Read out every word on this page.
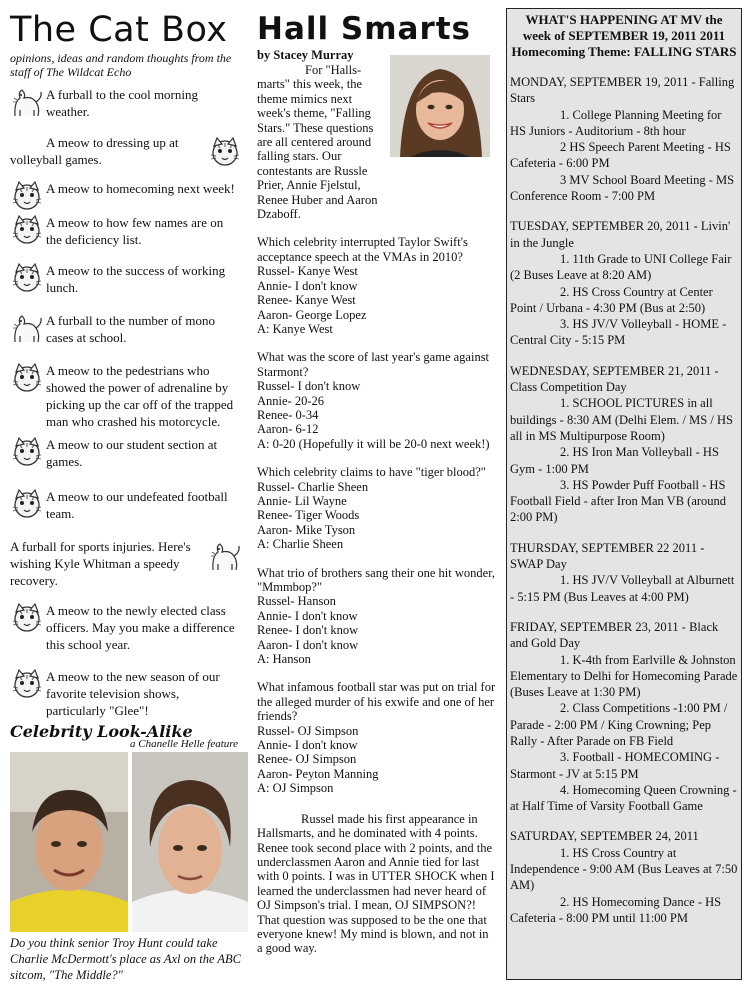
The Cat Box
opinions, ideas and random thoughts from the staff of The Wildcat Echo
A furball to the cool morning weather.
A meow to dressing up at volleyball games.
A meow to homecoming next week!
A meow to how few names are on the deficiency list.
A meow to the success of working lunch.
A furball to the number of mono cases at school.
A meow to the pedestrians who showed the power of adrenaline by picking up the car off of the trapped man who crashed his motorcycle.
A meow to our student section at games.
A meow to our undefeated football team.
A furball for sports injuries. Here's wishing Kyle Whitman a speedy recovery.
A meow to the newly elected class officers. May you make a difference this school year.
A meow to the new season of our favorite television shows, particularly "Glee"!
Celebrity Look-Alike
a Chanelle Helle feature
Do you think senior Troy Hunt could take Charlie McDermott's place as Axl on the ABC sitcom, "The Middle?"
Hall Smarts
by Stacey Murray
For "Halls-marts" this week, the theme mimics next week's theme, "Falling Stars." These questions are all centered around falling stars. Our contestants are Russle Prier, Annie Fjelstul, Renee Huber and Aaron Dzaboff.
Which celebrity interrupted Taylor Swift's acceptance speech at the VMAs in 2010?
Russel- Kanye West
Annie- I don't know
Renee- Kanye West
Aaron- George Lopez
A: Kanye West
What was the score of last year's game against Starmont?
Russel- I don't know
Annie- 20-26
Renee- 0-34
Aaron- 6-12
A: 0-20 (Hopefully it will be 20-0 next week!)
Which celebrity claims to have "tiger blood?"
Russel- Charlie Sheen
Annie- Lil Wayne
Renee- Tiger Woods
Aaron- Mike Tyson
A: Charlie Sheen
What trio of brothers sang their one hit wonder, "Mmmbop?"
Russel- Hanson
Annie- I don't know
Renee- I don't know
Aaron- I don't know
A: Hanson
What infamous football star was put on trial for the alleged murder of his exwife and one of her friends?
Russel- OJ Simpson
Annie- I don't know
Renee- OJ Simpson
Aaron- Peyton Manning
A: OJ Simpson
Russel made his first appearance in Hallsmarts, and he dominated with 4 points. Renee took second place with 2 points, and the underclassmen Aaron and Annie tied for last with 0 points. I was in UTTER SHOCK when I learned the underclassmen had never heard of OJ Simpson's trial. I mean, OJ SIMPSON?! That question was supposed to be the one that everyone knew! My mind is blown, and not in a good way.
WHAT'S HAPPENING AT MV the week of SEPTEMBER 19, 2011 2011 Homecoming Theme: FALLING STARS
MONDAY, SEPTEMBER 19, 2011 - Falling Stars
1. College Planning Meeting for HS Juniors - Auditorium - 8th hour
2 HS Speech Parent Meeting - HS Cafeteria - 6:00 PM
3 MV School Board Meeting - MS Conference Room - 7:00 PM
TUESDAY, SEPTEMBER 20, 2011 - Livin' in the Jungle
1. 11th Grade to UNI College Fair (2 Buses Leave at 8:20 AM)
2. HS Cross Country at Center Point / Urbana - 4:30 PM (Bus at 2:50)
3. HS JV/V Volleyball - HOME - Central City - 5:15 PM
WEDNESDAY, SEPTEMBER 21, 2011 - Class Competition Day
1. SCHOOL PICTURES in all buildings - 8:30 AM (Delhi Elem. / MS / HS all in MS Multipurpose Room)
2. HS Iron Man Volleyball - HS Gym - 1:00 PM
3. HS Powder Puff Football - HS Football Field - after Iron Man VB (around 2:00 PM)
THURSDAY, SEPTEMBER 22 2011 - SWAP Day
1. HS JV/V Volleyball at Alburnett - 5:15 PM (Bus Leaves at 4:00 PM)
FRIDAY, SEPTEMBER 23, 2011 - Black and Gold Day
1. K-4th from Earlville & Johnston Elementary to Delhi for Homecoming Parade (Buses Leave at 1:30 PM)
2. Class Competitions -1:00 PM / Parade - 2:00 PM / King Crowning; Pep Rally - After Parade on FB Field
3. Football - HOMECOMING - Starmont - JV at 5:15 PM
4. Homecoming Queen Crowning - at Half Time of Varsity Football Game
SATURDAY, SEPTEMBER 24, 2011
1. HS Cross Country at Independence - 9:00 AM (Bus Leaves at 7:50 AM)
2. HS Homecoming Dance - HS Cafeteria - 8:00 PM until 11:00 PM
